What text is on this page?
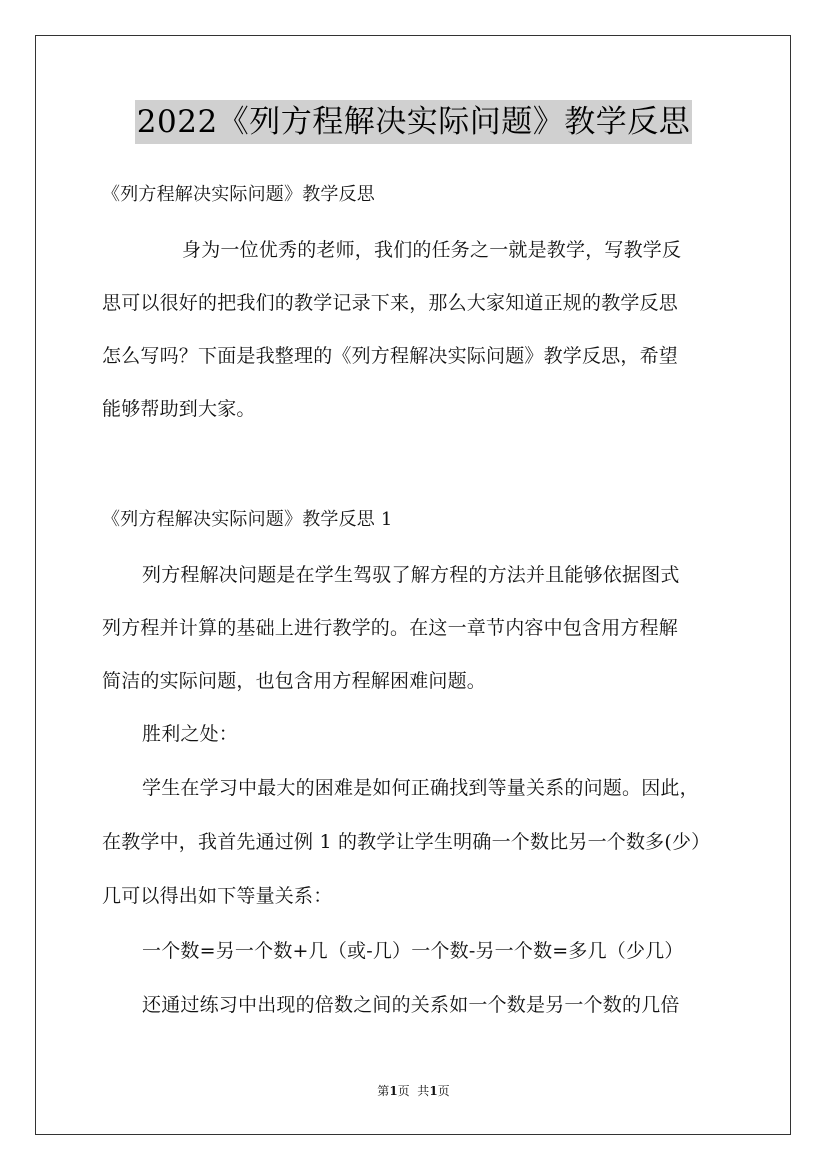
2022《列方程解决实际问题》教学反思
《列方程解决实际问题》教学反思
身为一位优秀的老师，我们的任务之一就是教学，写教学反
思可以很好的把我们的教学记录下来，那么大家知道正规的教学反思
怎么写吗？下面是我整理的《列方程解决实际问题》教学反思，希望
能够帮助到大家。
《列方程解决实际问题》教学反思 1
列方程解决问题是在学生驾驭了解方程的方法并且能够依据图式
列方程并计算的基础上进行教学的。在这一章节内容中包含用方程解
简洁的实际问题，也包含用方程解困难问题。
胜利之处：
学生在学习中最大的困难是如何正确找到等量关系的问题。因此，
在教学中，我首先通过例 1 的教学让学生明确一个数比另一个数多(少）
几可以得出如下等量关系：
一个数=另一个数+几（或-几）一个数-另一个数=多几（少几）
还通过练习中出现的倍数之间的关系如一个数是另一个数的几倍
第1页  共1页
